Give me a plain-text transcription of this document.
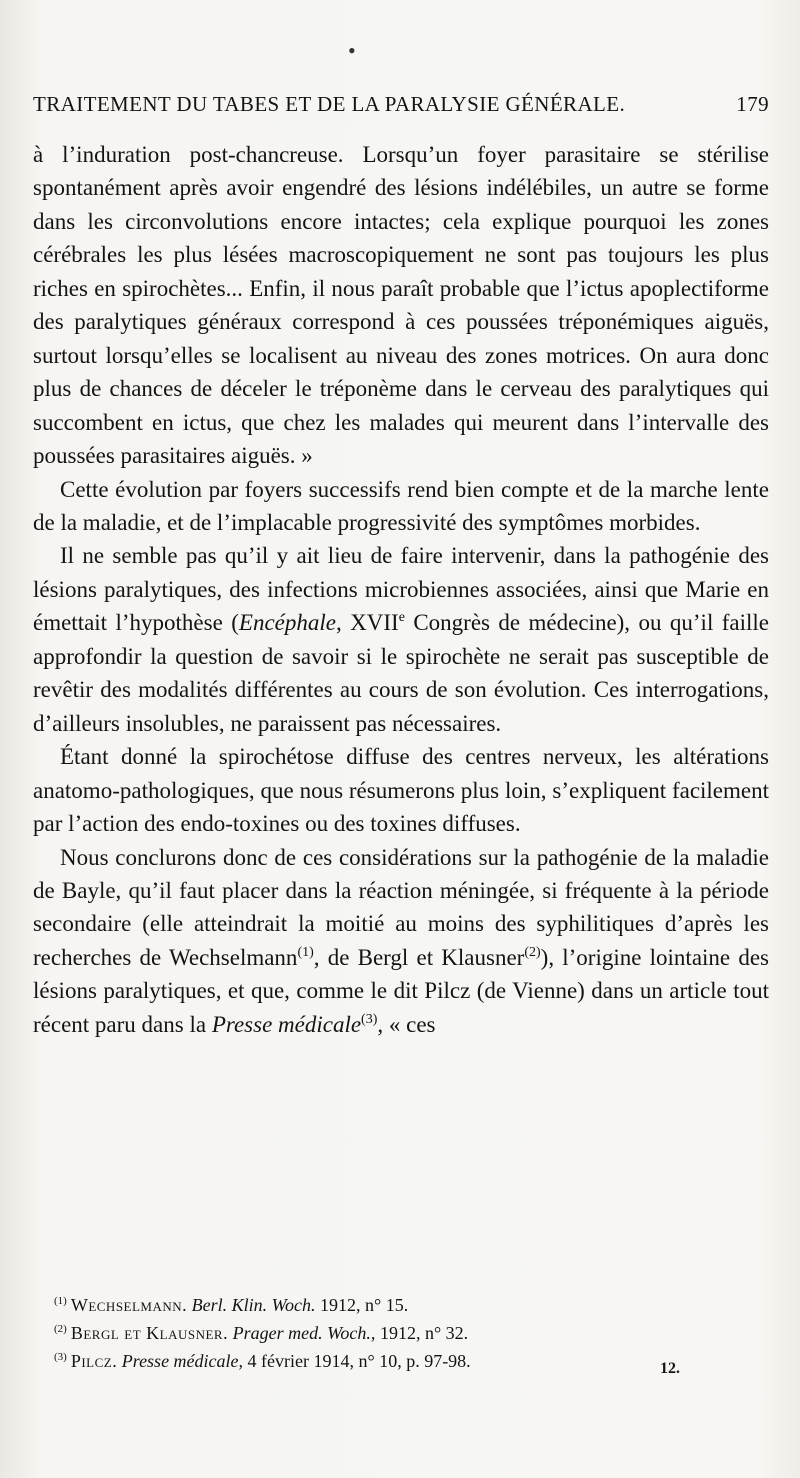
•
TRAITEMENT DU TABES ET DE LA PARALYSIE GÉNÉRALE.	179

à l’induration post-chancreuse. Lorsqu’un foyer parasitaire se stérilise spontanément après avoir engendré des lésions indélébiles, un autre se forme dans les circonvolutions encore intactes; cela explique pourquoi les zones cérébrales les plus lésées macroscopiquement ne sont pas toujours les plus riches en spirochètes... Enfin, il nous paraît probable que l’ictus apoplectiforme des paralytiques généraux correspond à ces poussées tréponémiques aiguës, surtout lorsqu’elles se localisent au niveau des zones motrices. On aura donc plus de chances de déceler le tréponème dans le cerveau des paralytiques qui succombent en ictus, que chez les malades qui meurent dans l’intervalle des poussées parasitaires aiguës. »

Cette évolution par foyers successifs rend bien compte et de la marche lente de la maladie, et de l’implacable progressivité des symptômes morbides.

Il ne semble pas qu’il y ait lieu de faire intervenir, dans la pathogénie des lésions paralytiques, des infections microbiennes associées, ainsi que Marie en émettait l’hypothèse (Encéphale, XVIIe Congrès de médecine), ou qu’il faille approfondir la question de savoir si le spirochète ne serait pas susceptible de revêtir des modalités différentes au cours de son évolution. Ces interrogations, d’ailleurs insolubles, ne paraissent pas nécessaires.

Étant donné la spirochétose diffuse des centres nerveux, les altérations anatomo-pathologiques, que nous résumerons plus loin, s’expliquent facilement par l’action des endo-toxines ou des toxines diffuses.

Nous conclurons donc de ces considérations sur la pathogénie de la maladie de Bayle, qu’il faut placer dans la réaction méningée, si fréquente à la période secondaire (elle atteindrait la moitié au moins des syphilitiques d’après les recherches de Wechselmann$^{(1)}$, de Bergl et Klausner$^{(2)}$), l’origine lointaine des lésions paralytiques, et que, comme le dit Pilcz (de Vienne) dans un article tout récent paru dans la Presse médicale$^{(3)}$, « ces

$^{(1)}$ Wechselmann. Berl. Klin. Woch. 1912, n° 15.
$^{(2)}$ Bergl et Klausner. Prager med. Woch., 1912, n° 32.
$^{(3)}$ Pilcz. Presse médicale, 4 février 1914, n° 10, p. 97-98.	12.
